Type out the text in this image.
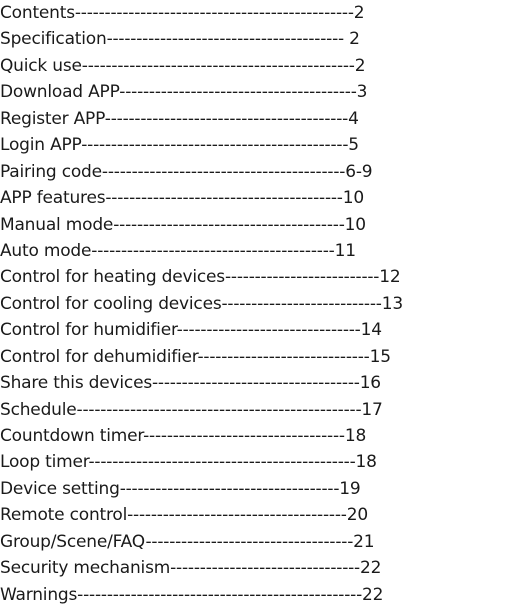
Contents-----------------------------------------------2
Specification---------------------------------------- 2
Quick use----------------------------------------------2
Download APP----------------------------------------3
Register APP-----------------------------------------4
Login APP---------------------------------------------5
Pairing code-----------------------------------------6-9
APP features----------------------------------------10
Manual mode---------------------------------------10
Auto mode-----------------------------------------11
Control for heating devices--------------------------12
Control for cooling devices---------------------------13
Control for humidifier-------------------------------14
Control for dehumidifier-----------------------------15
Share this devices-----------------------------------16
Schedule------------------------------------------------17
Countdown timer----------------------------------18
Loop timer---------------------------------------------18
Device setting-------------------------------------19
Remote control-------------------------------------20
Group/Scene/FAQ-----------------------------------21
Security mechanism--------------------------------22
Warnings------------------------------------------------22
